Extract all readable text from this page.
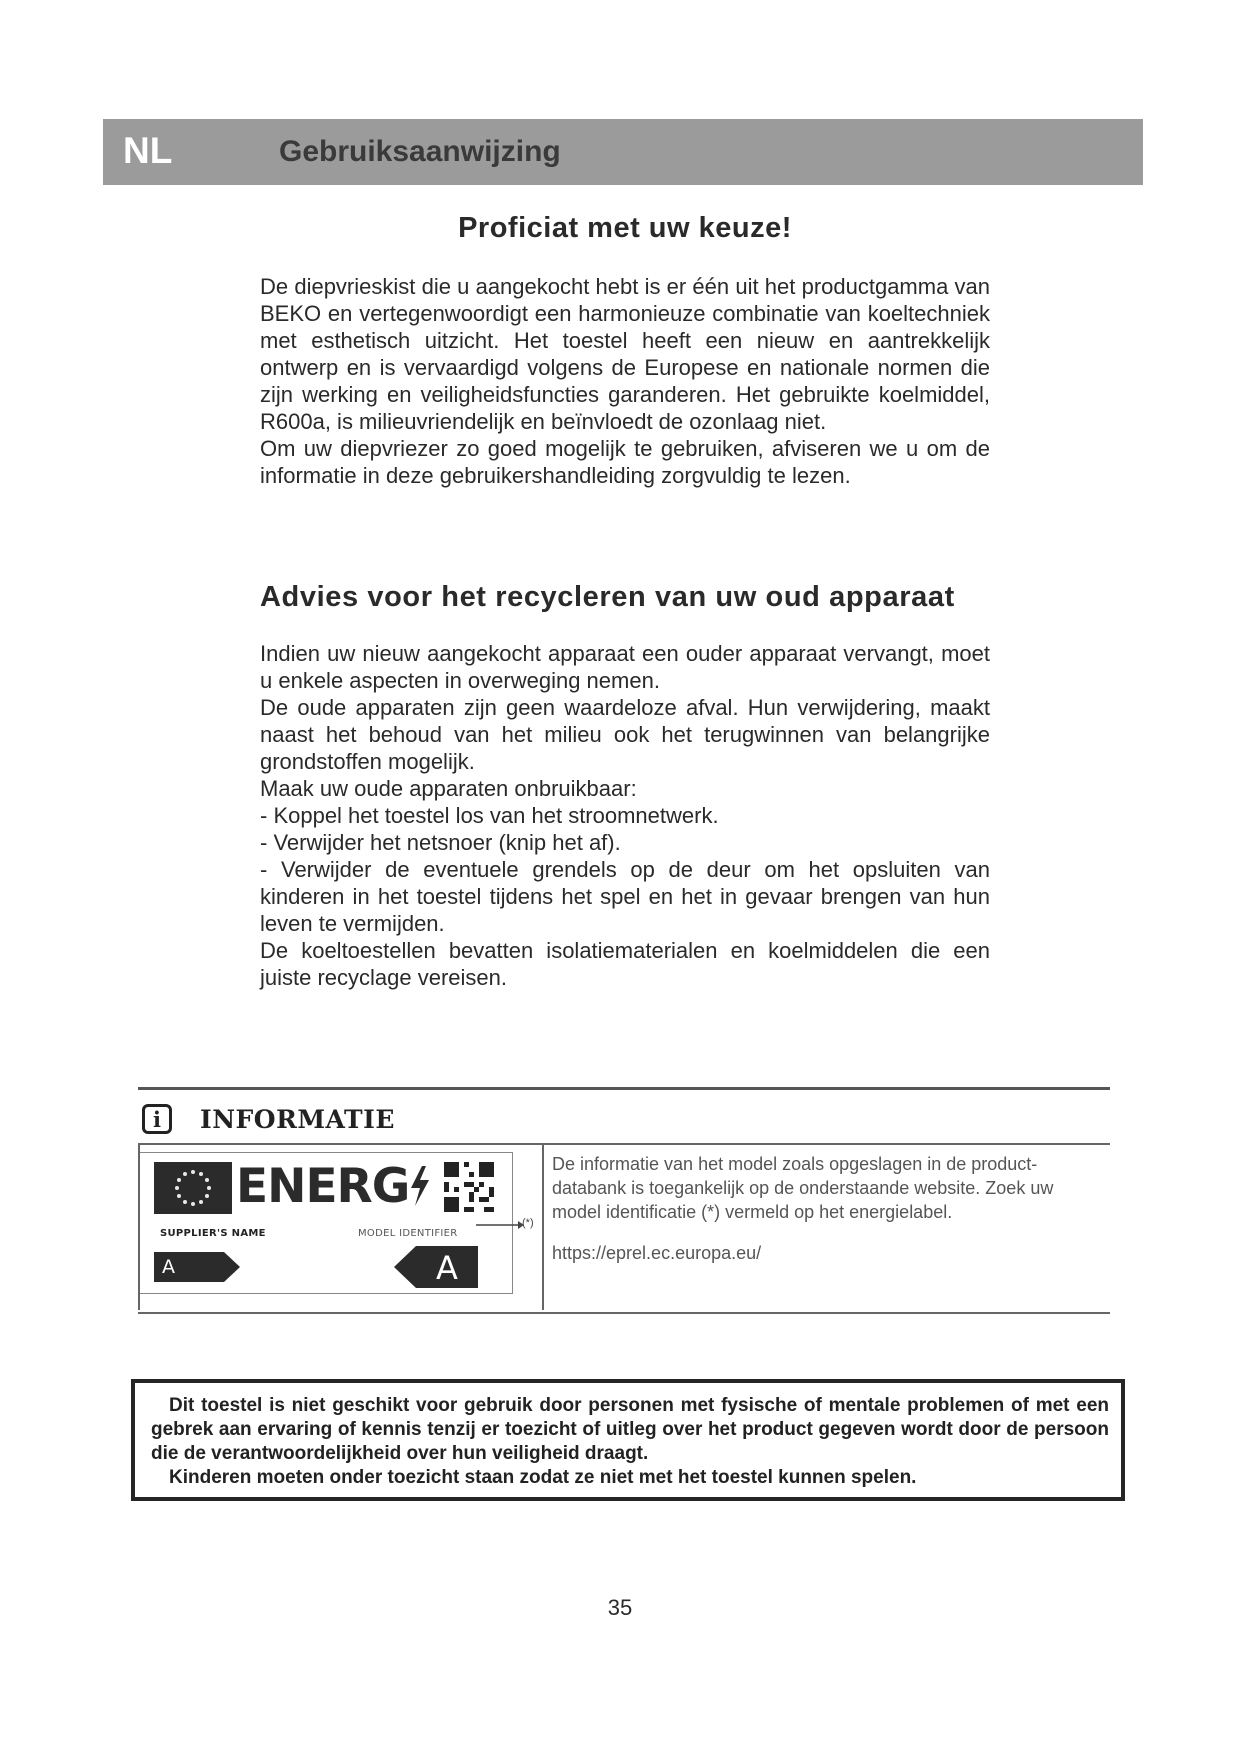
NL	Gebruiksaanwijzing
Proficiat met uw keuze!

De diepvrieskist die u aangekocht hebt is er één uit het productgamma van BEKO en vertegenwoordigt een harmonieuze combinatie van koeltechniek met esthetisch uitzicht. Het toestel heeft een nieuw en aantrekkelijk ontwerp en is vervaardigd volgens de Europese en nationale normen die zijn werking en veiligheidsfuncties garanderen. Het gebruikte koelmiddel, R600a, is milieuvriendelijk en beïnvloedt de ozonlaag niet.

Om uw diepvriezer zo goed mogelijk te gebruiken, afviseren we u om de informatie in deze gebruikershandleiding zorgvuldig te lezen.

Advies voor het recycleren van uw oud apparaat

Indien uw nieuw aangekocht apparaat een ouder apparaat vervangt, moet u enkele aspecten in overweging nemen.

De oude apparaten zijn geen waardeloze afval. Hun verwijdering, maakt naast het behoud van het milieu ook het terugwinnen van belangrijke grondstoffen mogelijk.

Maak uw oude apparaten onbruikbaar:

- Koppel het toestel los van het stroomnetwerk.

- Verwijder het netsnoer (knip het af).

- Verwijder de eventuele grendels op de deur om het opsluiten van kinderen in het toestel tijdens het spel en het in gevaar brengen van hun leven te vermijden.

De koeltoestellen bevatten isolatiematerialen en koelmiddelen die een juiste recyclage vereisen.

i	INFORMATIE
ENERG
SUPPLIER'S NAME	MODEL IDENTIFIER
A	A
(*)

De informatie van het model zoals opgeslagen in de product-databank is toegankelijk op de onderstaande website. Zoek uw model identificatie (*) vermeld op het energielabel.

https://eprel.ec.europa.eu/

Dit toestel is niet geschikt voor gebruik door personen met fysische of mentale problemen of met een gebrek aan ervaring of kennis tenzij er toezicht of uitleg over het product gegeven wordt door de persoon die de verantwoordelijkheid over hun veiligheid draagt.
Kinderen moeten onder toezicht staan zodat ze niet met het toestel kunnen spelen.

35
